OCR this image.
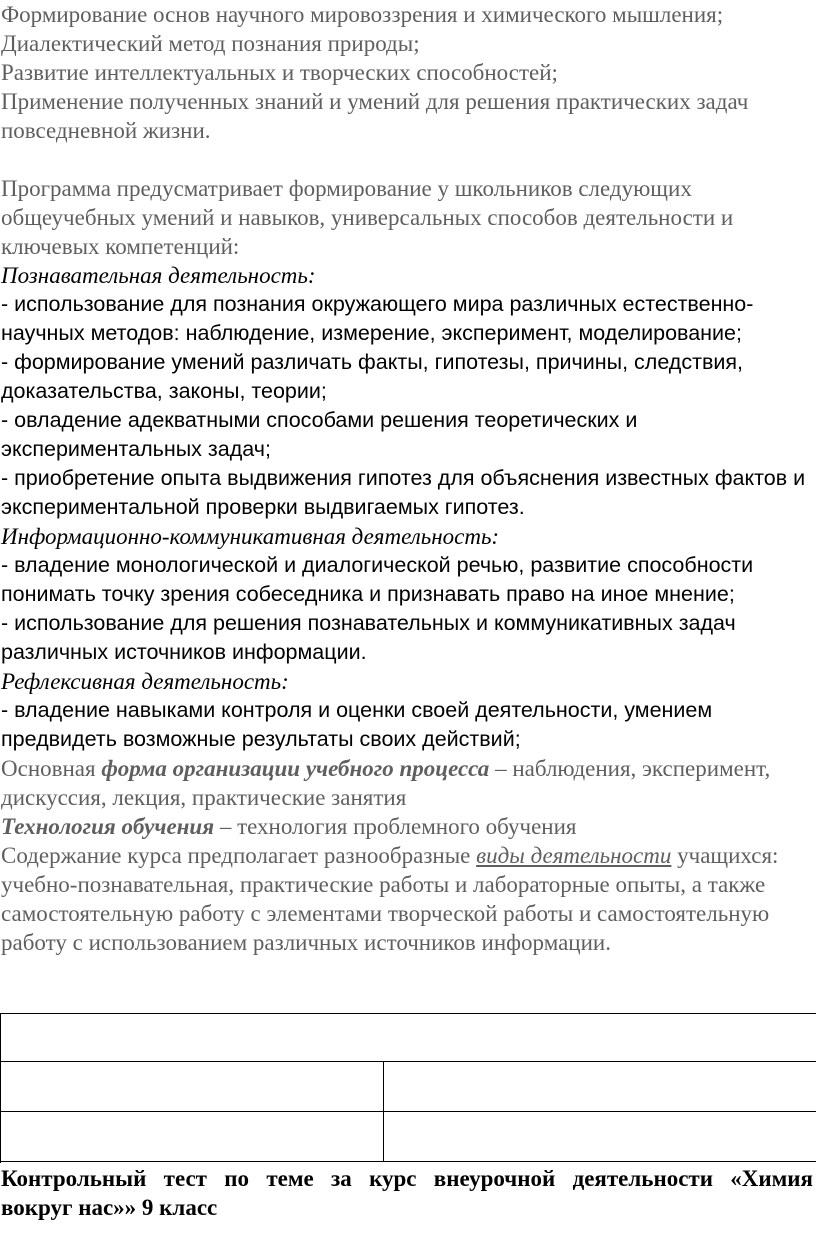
Формирование основ научного мировоззрения и химического мышления;

Диалектический метод познания природы;

Развитие интеллектуальных и творческих способностей;

Применение полученных знаний и умений для решения практических задач повседневной жизни.

Программа предусматривает формирование у школьников следующих общеучебных умений и навыков, универсальных способов деятельности и ключевых компетенций:

Познавательная деятельность:

- использование для познания окружающего мира различных естественно-научных методов: наблюдение, измерение, эксперимент, моделирование;

- формирование умений различать факты, гипотезы, причины, следствия, доказательства, законы, теории;

- овладение адекватными способами решения теоретических и экспериментальных задач;

- приобретение опыта выдвижения гипотез для объяснения известных фактов и экспериментальной проверки выдвигаемых гипотез.

Информационно-коммуникативная деятельность:

- владение монологической и диалогической речью, развитие способности понимать точку зрения собеседника и признавать право на иное мнение;

- использование для решения познавательных и коммуникативных задач различных источников информации.

Рефлексивная деятельность:

- владение навыками контроля и оценки своей деятельности, умением предвидеть возможные результаты своих действий;

Основная форма организации учебного процесса – наблюдения, эксперимент, дискуссия, лекция, практические занятия

Технология обучения – технология проблемного обучения

Содержание курса предполагает разнообразные виды деятельности учащихся: учебно-познавательная, практические работы и лабораторные опыты, а также самостоятельную работу с элементами творческой работы и самостоятельную работу с использованием различных источников информации.

Контрольный тест по теме за курс внеурочной деятельности «Химия
вокруг нас»» 9 класс
